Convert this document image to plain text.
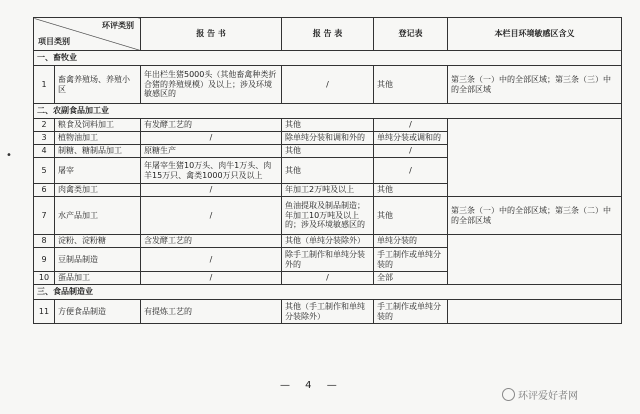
环评类别
项目类别		报 告 书	报 告 表	登记表	本栏目环境敏感区含义
一、畜牧业					
1	畜禽养殖场、养殖小区	年出栏生猪5000头（其他畜禽种类折合猪的养殖规模）及以上；涉及环境敏感区的	/	其他	第三条（一）中的全部区域；第三条（三）中的全部区域
二、农副食品加工业					
2	粮食及饲料加工	有发酵工艺的	其他	/	
3	植物油加工	/	除单纯分装和调和外的	单纯分装或调和的	
4	制糖、糖制品加工	原糖生产	其他	/	
5	屠宰	年屠宰生猪10万头、肉牛1万头、肉羊15万只、禽类1000万只及以上	其他	/	
6	肉禽类加工	/	年加工2万吨及以上	其他	
7	水产品加工	/	鱼油提取及制品制造；年加工10万吨及以上的；涉及环境敏感区的	其他	第三条（一）中的全部区域；第三条（二）中的全部区域
8	淀粉、淀粉糖	含发酵工艺的	其他（单纯分装除外）	单纯分装的	
9	豆制品制造	/	除手工制作和单纯分装外的	手工制作或单纯分装的	
10	蛋品加工	/	/	全部	
三、食品制造业					
11	方便食品制造	有提炼工艺的	其他（手工制作和单纯分装除外）	手工制作或单纯分装的	
•
— 4 —
环评爱好者网
